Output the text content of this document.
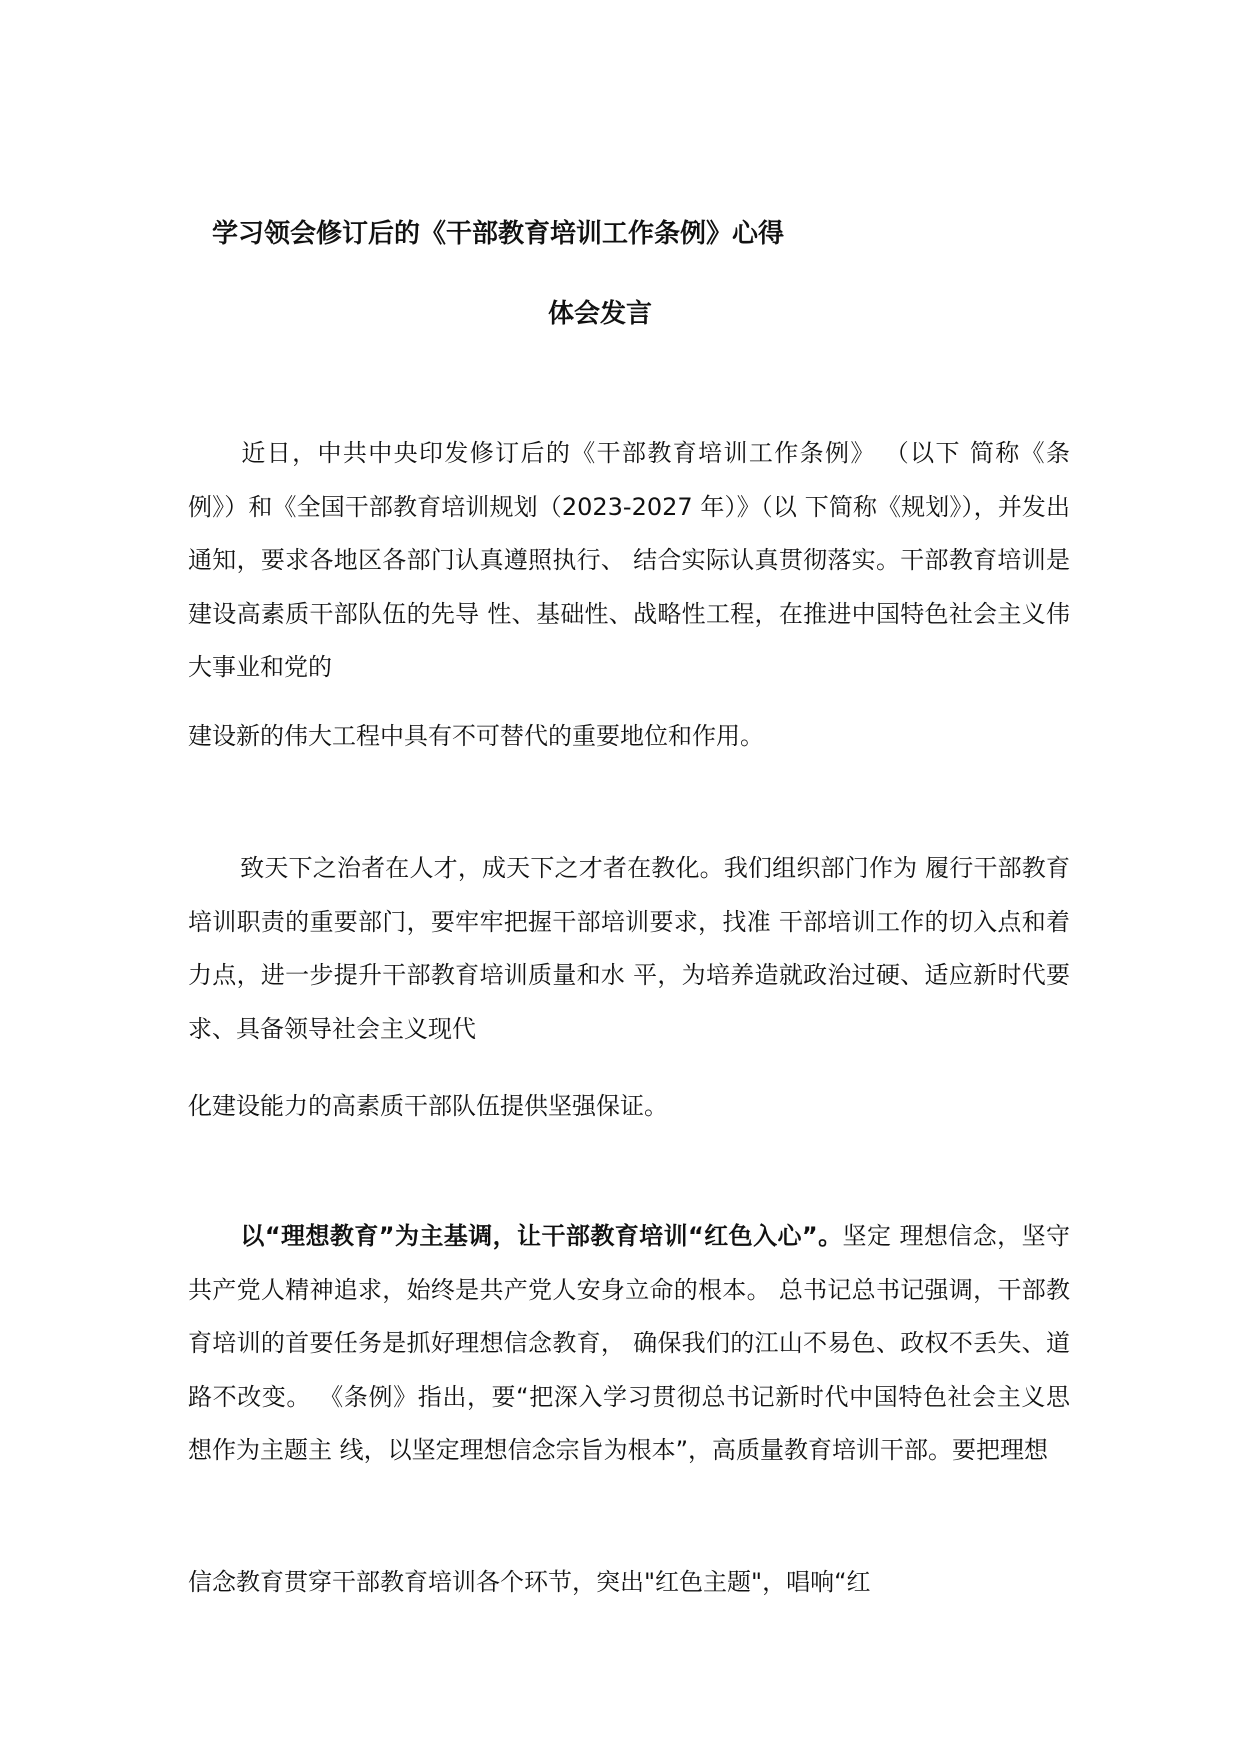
学习领会修订后的《干部教育培训工作条例》心得
体会发言
近日，中共中央印发修订后的《干部教育培训工作条例》 （以下 简称《条例》）和《全国干部教育培训规划（2023-2027 年）》（以 下简称《规划》），并发出通知，要求各地区各部门认真遵照执行、 结合实际认真贯彻落实。干部教育培训是建设高素质干部队伍的先导 性、基础性、战略性工程，在推进中国特色社会主义伟大事业和党的
建设新的伟大工程中具有不可替代的重要地位和作用。
致天下之治者在人才，成天下之才者在教化。我们组织部门作为 履行干部教育培训职责的重要部门，要牢牢把握干部培训要求，找准 干部培训工作的切入点和着力点，进一步提升干部教育培训质量和水 平，为培养造就政治过硬、适应新时代要求、具备领导社会主义现代
化建设能力的高素质干部队伍提供坚强保证。
以“理想教育”为主基调，让干部教育培训“红色入心”。坚定 理想信念，坚守共产党人精神追求，始终是共产党人安身立命的根本。 总书记总书记强调，干部教育培训的首要任务是抓好理想信念教育， 确保我们的江山不易色、政权不丢失、道路不改变。 《条例》指出，要“把深入学习贯彻总书记新时代中国特色社会主义思想作为主题主 线，以坚定理想信念宗旨为根本”，高质量教育培训干部。要把理想
信念教育贯穿干部教育培训各个环节，突出"红色主题"，唱响“红
